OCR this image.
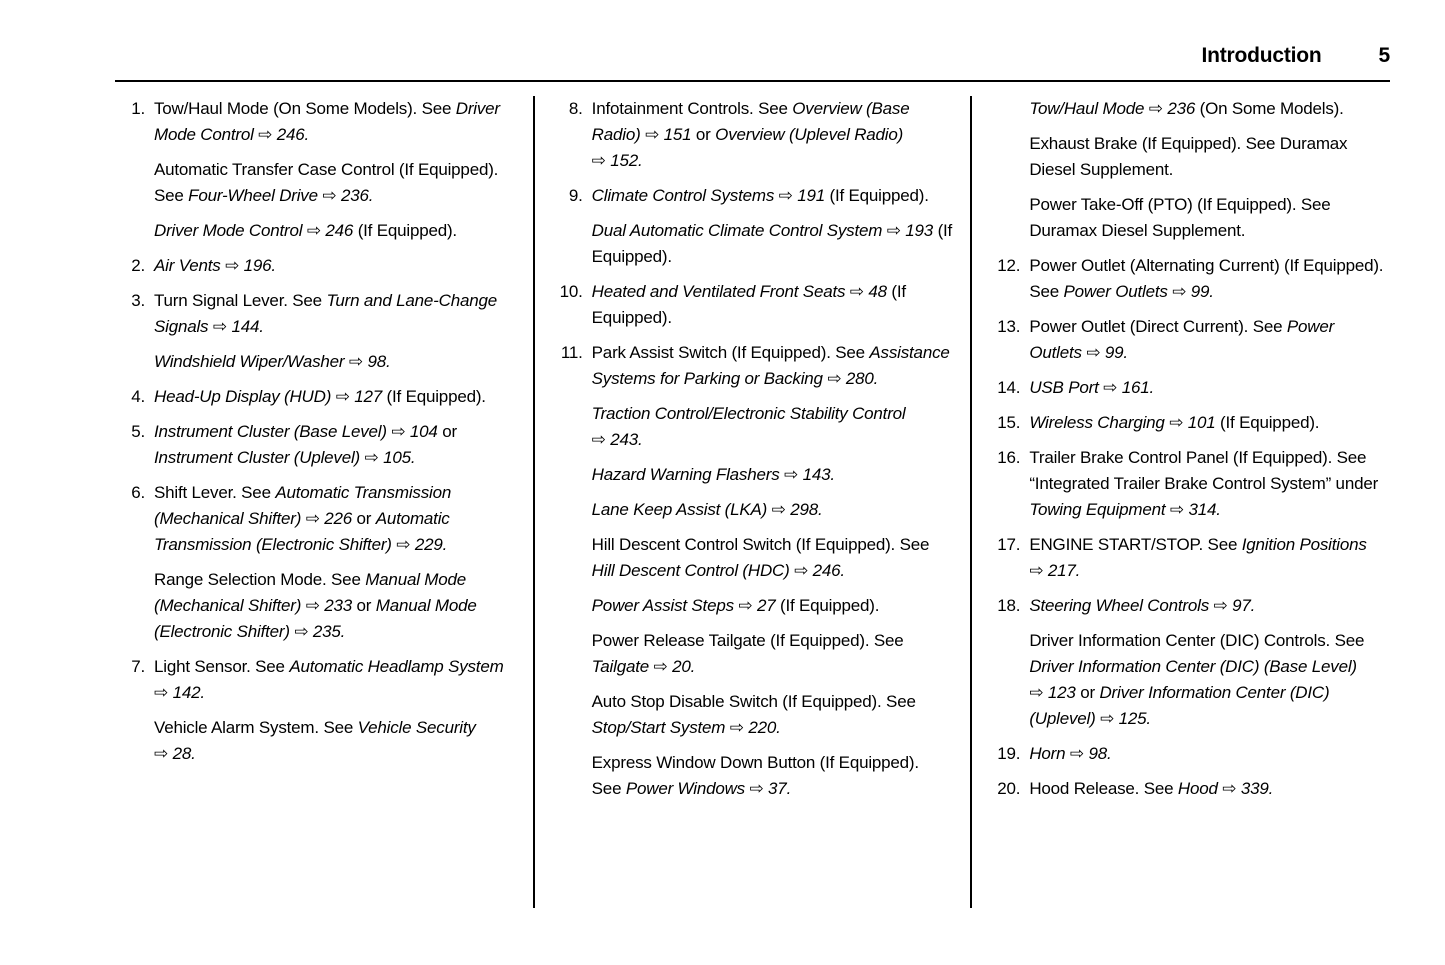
Introduction	5
1. Tow/Haul Mode (On Some Models). See Driver Mode Control ⇨ 246.
Automatic Transfer Case Control (If Equipped). See Four-Wheel Drive ⇨ 236.
Driver Mode Control ⇨ 246 (If Equipped).
2. Air Vents ⇨ 196.
3. Turn Signal Lever. See Turn and Lane-Change Signals ⇨ 144.
Windshield Wiper/Washer ⇨ 98.
4. Head-Up Display (HUD) ⇨ 127 (If Equipped).
5. Instrument Cluster (Base Level) ⇨ 104 or Instrument Cluster (Uplevel) ⇨ 105.
6. Shift Lever. See Automatic Transmission (Mechanical Shifter) ⇨ 226 or Automatic Transmission (Electronic Shifter) ⇨ 229.
Range Selection Mode. See Manual Mode (Mechanical Shifter) ⇨ 233 or Manual Mode (Electronic Shifter) ⇨ 235.
7. Light Sensor. See Automatic Headlamp System ⇨ 142.
Vehicle Alarm System. See Vehicle Security ⇨ 28.
8. Infotainment Controls. See Overview (Base Radio) ⇨ 151 or Overview (Uplevel Radio) ⇨ 152.
9. Climate Control Systems ⇨ 191 (If Equipped).
Dual Automatic Climate Control System ⇨ 193 (If Equipped).
10. Heated and Ventilated Front Seats ⇨ 48 (If Equipped).
11. Park Assist Switch (If Equipped). See Assistance Systems for Parking or Backing ⇨ 280.
Traction Control/Electronic Stability Control ⇨ 243.
Hazard Warning Flashers ⇨ 143.
Lane Keep Assist (LKA) ⇨ 298.
Hill Descent Control Switch (If Equipped). See Hill Descent Control (HDC) ⇨ 246.
Power Assist Steps ⇨ 27 (If Equipped).
Power Release Tailgate (If Equipped). See Tailgate ⇨ 20.
Auto Stop Disable Switch (If Equipped). See Stop/Start System ⇨ 220.
Express Window Down Button (If Equipped). See Power Windows ⇨ 37.
Tow/Haul Mode ⇨ 236 (On Some Models).
Exhaust Brake (If Equipped). See Duramax Diesel Supplement.
Power Take-Off (PTO) (If Equipped). See Duramax Diesel Supplement.
12. Power Outlet (Alternating Current) (If Equipped). See Power Outlets ⇨ 99.
13. Power Outlet (Direct Current). See Power Outlets ⇨ 99.
14. USB Port ⇨ 161.
15. Wireless Charging ⇨ 101 (If Equipped).
16. Trailer Brake Control Panel (If Equipped). See “Integrated Trailer Brake Control System” under Towing Equipment ⇨ 314.
17. ENGINE START/STOP. See Ignition Positions ⇨ 217.
18. Steering Wheel Controls ⇨ 97.
Driver Information Center (DIC) Controls. See Driver Information Center (DIC) (Base Level) ⇨ 123 or Driver Information Center (DIC) (Uplevel) ⇨ 125.
19. Horn ⇨ 98.
20. Hood Release. See Hood ⇨ 339.
